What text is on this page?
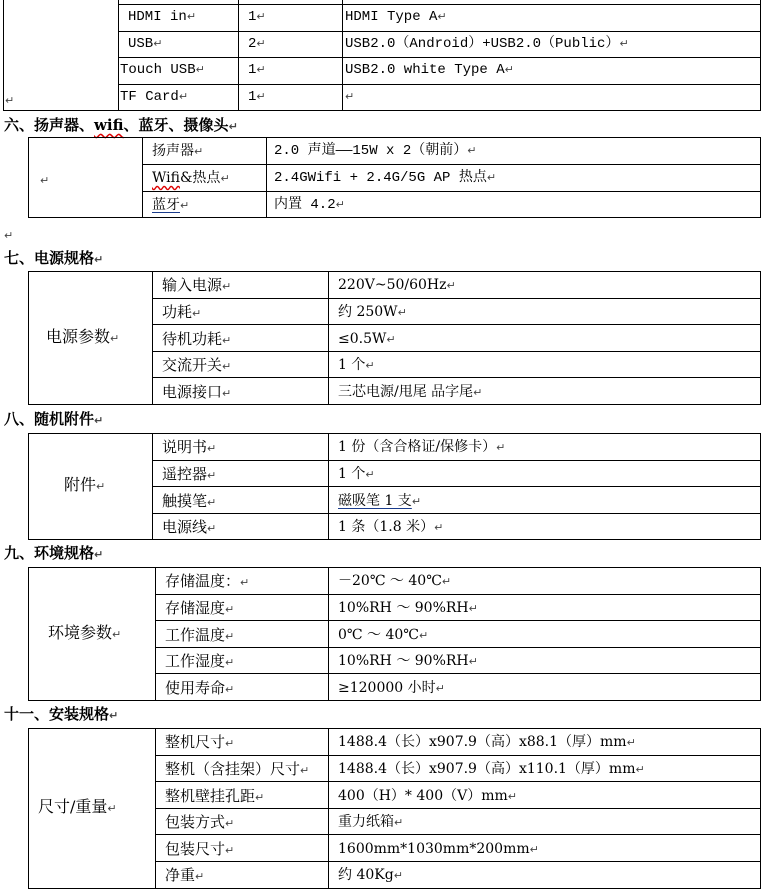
↵
HDMI in↵	1↵	HDMI Type A↵
USB↵	2↵	USB2.0（Android）+USB2.0（Public）↵
Touch USB↵	1↵	USB2.0 white Type A↵
TF Card↵	1↵	↵
六、扬声器、wifi、蓝牙、摄像头↵
↵
扬声器↵	2.0 声道——15W x 2（朝前）↵
Wifi&热点↵	2.4GWifi + 2.4G/5G AP 热点↵
蓝牙↵	内置 4.2↵
↵
七、电源规格↵
电源参数↵
输入电源↵	220V~50/60Hz↵
功耗↵	约 250W↵
待机功耗↵	≤0.5W↵
交流开关↵	1 个↵
电源接口↵	三芯电源/甩尾 品字尾↵
八、随机附件↵
附件↵
说明书↵	1 份（含合格证/保修卡）↵
遥控器↵	1 个↵
触摸笔↵	磁吸笔 1 支↵
电源线↵	1 条（1.8 米）↵
九、环境规格↵
环境参数↵
存储温度：↵	－20℃ ～ 40℃↵
存储湿度↵	10%RH ～ 90%RH↵
工作温度↵	0℃ ～ 40℃↵
工作湿度↵	10%RH ～ 90%RH↵
使用寿命↵	≥120000 小时↵
十一、安装规格↵
尺寸/重量↵
整机尺寸↵	1488.4（长）x907.9（高）x88.1（厚）mm↵
整机（含挂架）尺寸↵ 1488.4（长）x907.9（高）x110.1（厚）mm↵
整机壁挂孔距↵	400（H）* 400（V）mm↵
包装方式↵	重力纸箱↵
包装尺寸↵	1600mm*1030mm*200mm↵
净重↵	约 40Kg↵
